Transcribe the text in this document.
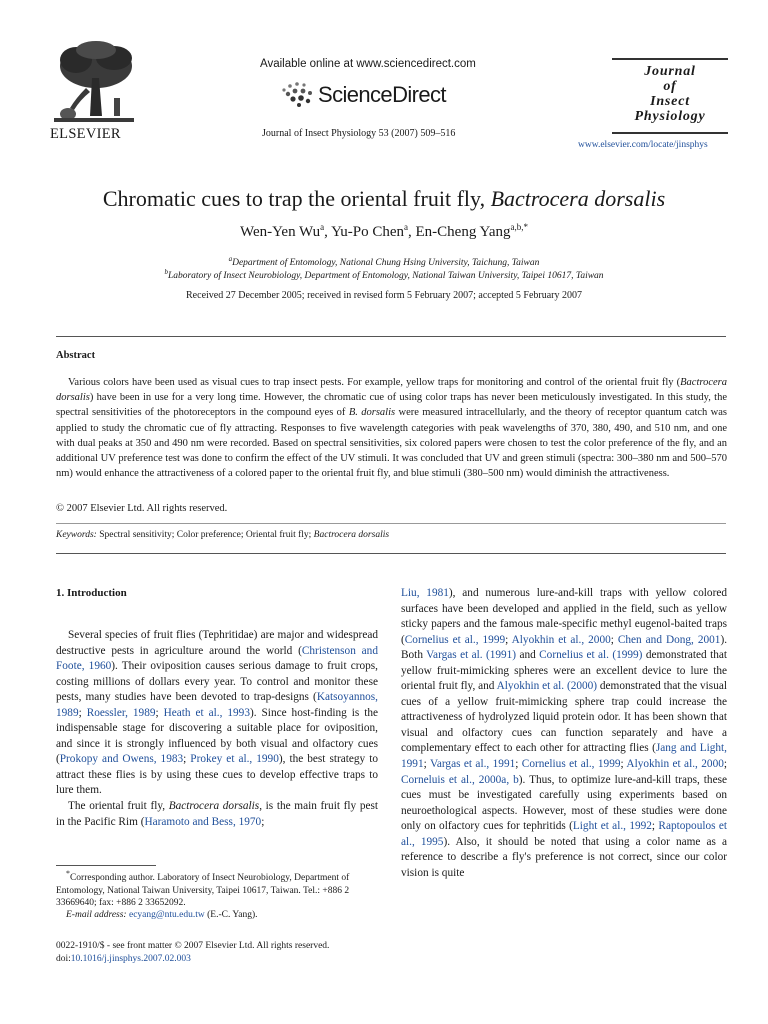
ELSEVIER
Available online at www.sciencedirect.com
ScienceDirect
Journal of Insect Physiology 53 (2007) 509–516
Journal
of
Insect
Physiology
www.elsevier.com/locate/jinsphys
Chromatic cues to trap the oriental fruit fly, Bactrocera dorsalis
Wen-Yen Wu$^a$, Yu-Po Chen$^a$, En-Cheng Yang$^{a,b,*}$
$^a$Department of Entomology, National Chung Hsing University, Taichung, Taiwan
$^b$Laboratory of Insect Neurobiology, Department of Entomology, National Taiwan University, Taipei 10617, Taiwan
Received 27 December 2005; received in revised form 5 February 2007; accepted 5 February 2007
Abstract
Various colors have been used as visual cues to trap insect pests. For example, yellow traps for monitoring and control of the oriental fruit fly (Bactrocera dorsalis) have been in use for a very long time. However, the chromatic cue of using color traps has never been meticulously investigated. In this study, the spectral sensitivities of the photoreceptors in the compound eyes of B. dorsalis were measured intracellularly, and the theory of receptor quantum catch was applied to study the chromatic cue of fly attracting. Responses to five wavelength categories with peak wavelengths of 370, 380, 490, and 510 nm, and one with dual peaks at 350 and 490 nm were recorded. Based on spectral sensitivities, six colored papers were chosen to test the color preference of the fly, and an additional UV preference test was done to confirm the effect of the UV stimuli. It was concluded that UV and green stimuli (spectra: 300–380 nm and 500–570 nm) would enhance the attractiveness of a colored paper to the oriental fruit fly, and blue stimuli (380–500 nm) would diminish the attractiveness.
© 2007 Elsevier Ltd. All rights reserved.
Keywords: Spectral sensitivity; Color preference; Oriental fruit fly; Bactrocera dorsalis
1. Introduction

Several species of fruit flies (Tephritidae) are major and widespread destructive pests in agriculture around the world (Christenson and Foote, 1960). Their oviposition causes serious damage to fruit crops, costing millions of dollars every year. To control and monitor these pests, many studies have been devoted to trap-designs (Katsoyannos, 1989; Roessler, 1989; Heath et al., 1993). Since host-finding is the indispensable stage for discovering a suitable place for oviposition, and since it is strongly influenced by both visual and olfactory cues (Prokopy and Owens, 1983; Prokey et al., 1990), the best strategy to attract these flies is by using these cues to develop effective traps to lure them.

The oriental fruit fly, Bactrocera dorsalis, is the main fruit fly pest in the Pacific Rim (Haramoto and Bess, 1970;

Liu, 1981), and numerous lure-and-kill traps with yellow colored surfaces have been developed and applied in the field, such as yellow sticky papers and the famous male-specific methyl eugenol-baited traps (Cornelius et al., 1999; Alyokhin et al., 2000; Chen and Dong, 2001). Both Vargas et al. (1991) and Cornelius et al. (1999) demonstrated that yellow fruit-mimicking spheres were an excellent device to lure the oriental fruit fly, and Alyokhin et al. (2000) demonstrated that the visual cues of a yellow fruit-mimicking sphere trap could increase the attractiveness of hydrolyzed liquid protein odor. It has been shown that visual and olfactory cues can function separately and have a complementary effect to each other for attracting flies (Jang and Light, 1991; Vargas et al., 1991; Cornelius et al., 1999; Alyokhin et al., 2000; Corneluis et al., 2000a, b). Thus, to optimize lure-and-kill traps, these cues must be investigated carefully using experiments based on neuroethological aspects. However, most of these studies were done only on olfactory cues for tephritids (Light et al., 1992; Raptopoulos et al., 1995). Also, it should be noted that using a color name as a reference to describe a fly's preference is not correct, since our color vision is quite

*Corresponding author. Laboratory of Insect Neurobiology, Department of Entomology, National Taiwan University, Taipei 10617, Taiwan. Tel.: +886 2 33669640; fax: +886 2 33652092.

E-mail address: ecyang@ntu.edu.tw (E.-C. Yang).

0022-1910/$ - see front matter © 2007 Elsevier Ltd. All rights reserved.
doi:10.1016/j.jinsphys.2007.02.003
